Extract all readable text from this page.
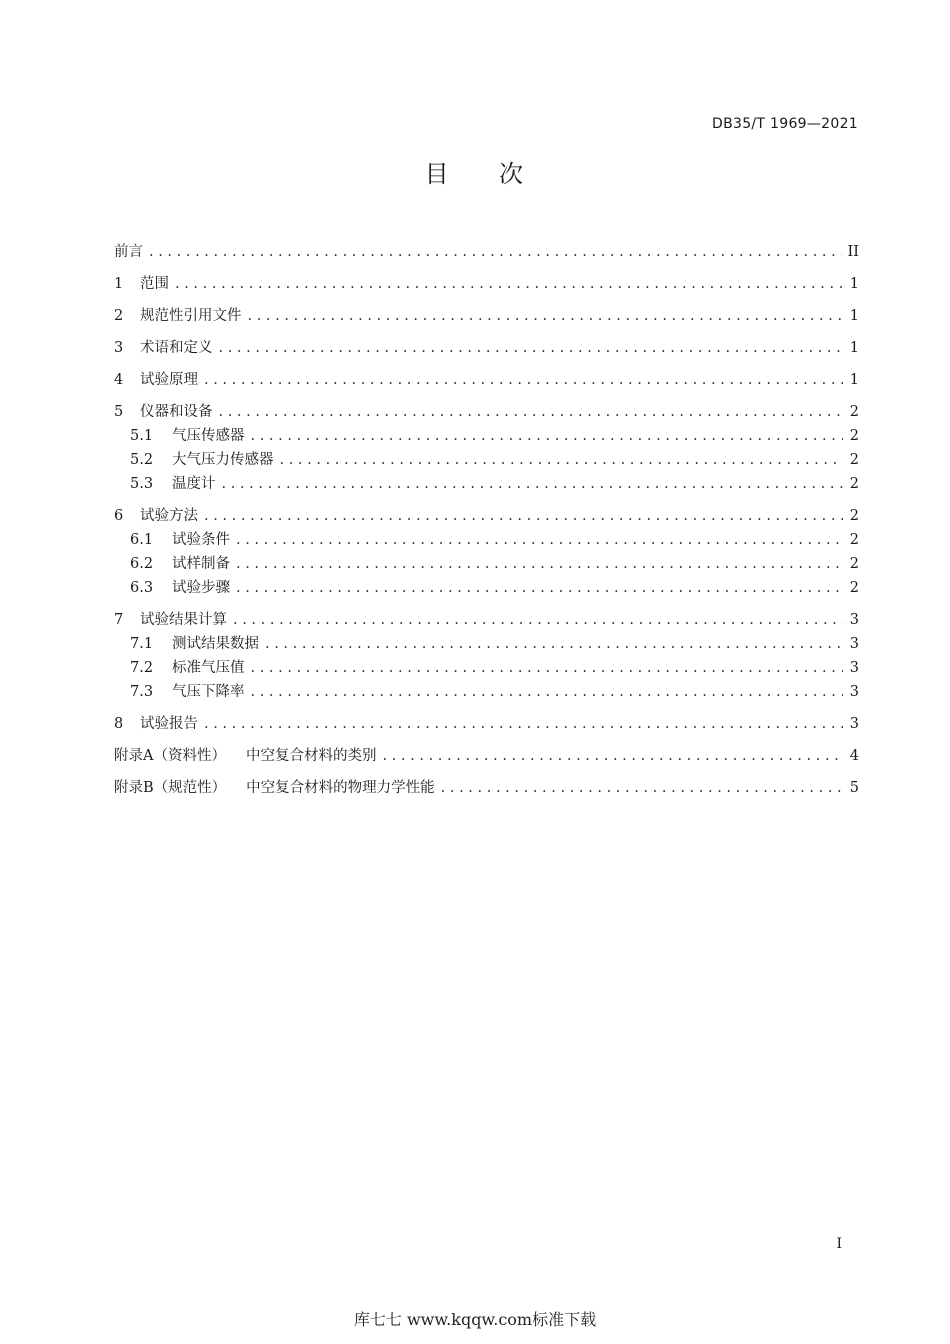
DB35/T 1969—2021
目 次
前言 . . .	II
1	范围 . . .	1
2	规范性引用文件 . . .	1
3	术语和定义 . . .	1
4	试验原理 . . .	1
5	仪器和设备 . . .	2
5.1	气压传感器 . . .	2
5.2	大气压力传感器 . . .	2
5.3	温度计 . . .	2
6	试验方法 . . .	2
6.1	试验条件 . . .	2
6.2	试样制备 . . .	2
6.3	试验步骤 . . .	2
7	试验结果计算 . . .	3
7.1	测试结果数据 . . .	3
7.2	标准气压值 . . .	3
7.3	气压下降率 . . .	3
8	试验报告 . . .	3
附录A（资料性） 中空复合材料的类别 . . .	4
附录B（规范性） 中空复合材料的物理力学性能 . . .	5
I
库七七 www.kqqw.com标准下载
